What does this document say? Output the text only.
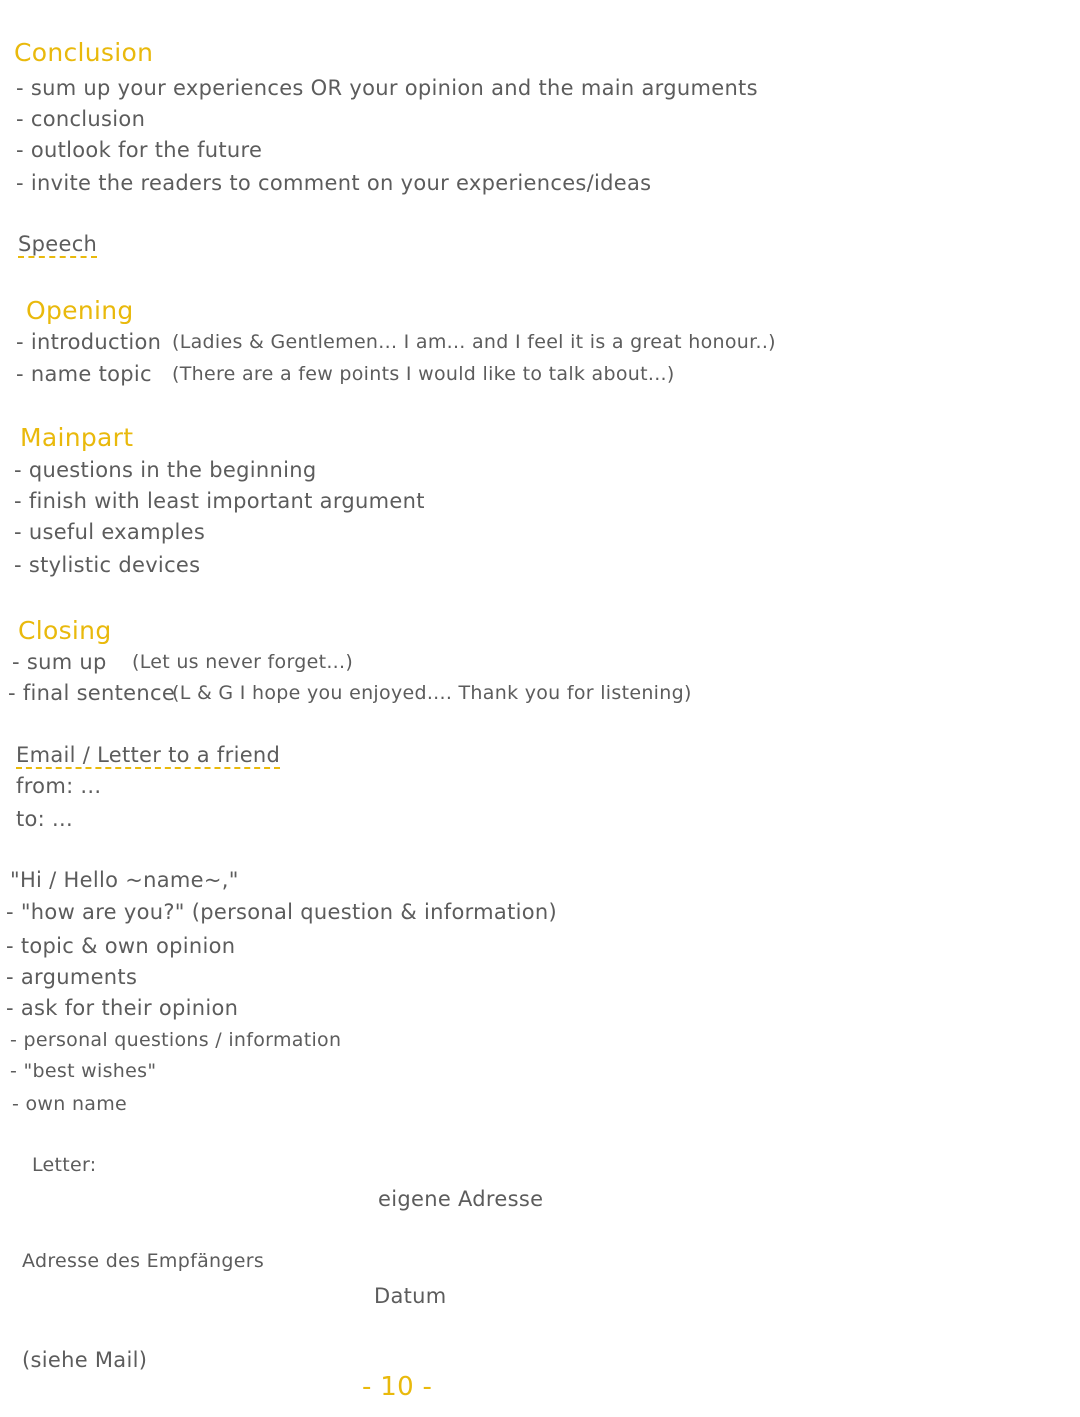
Conclusion
- sum up your experiences OR your opinion and the main arguments
- conclusion
- outlook for the future
- invite the readers to comment on your experiences/ideas
Speech
Opening
- introduction (Ladies & Gentlemen... I am... and I feel it is a great honour..)
- name topic (There are a few points I would like to talk about...)
Mainpart
- questions in the beginning
- finish with least important argument
- useful examples
- stylistic devices
Closing
- sum up (Let us never forget...)
- final sentence
(L & G I hope you enjoyed.... Thank you for listening)
Email / Letter to a friend
from: ...
to: ...
"Hi / Hello ~name~,"
- "how are you?" (personal question & information)
- topic & own opinion
- arguments
- ask for their opinion
- personal questions / information
- "best wishes"
- own name
Letter:
eigene Adresse
Adresse des Empfängers
Datum
(siehe Mail)
- 10 -
